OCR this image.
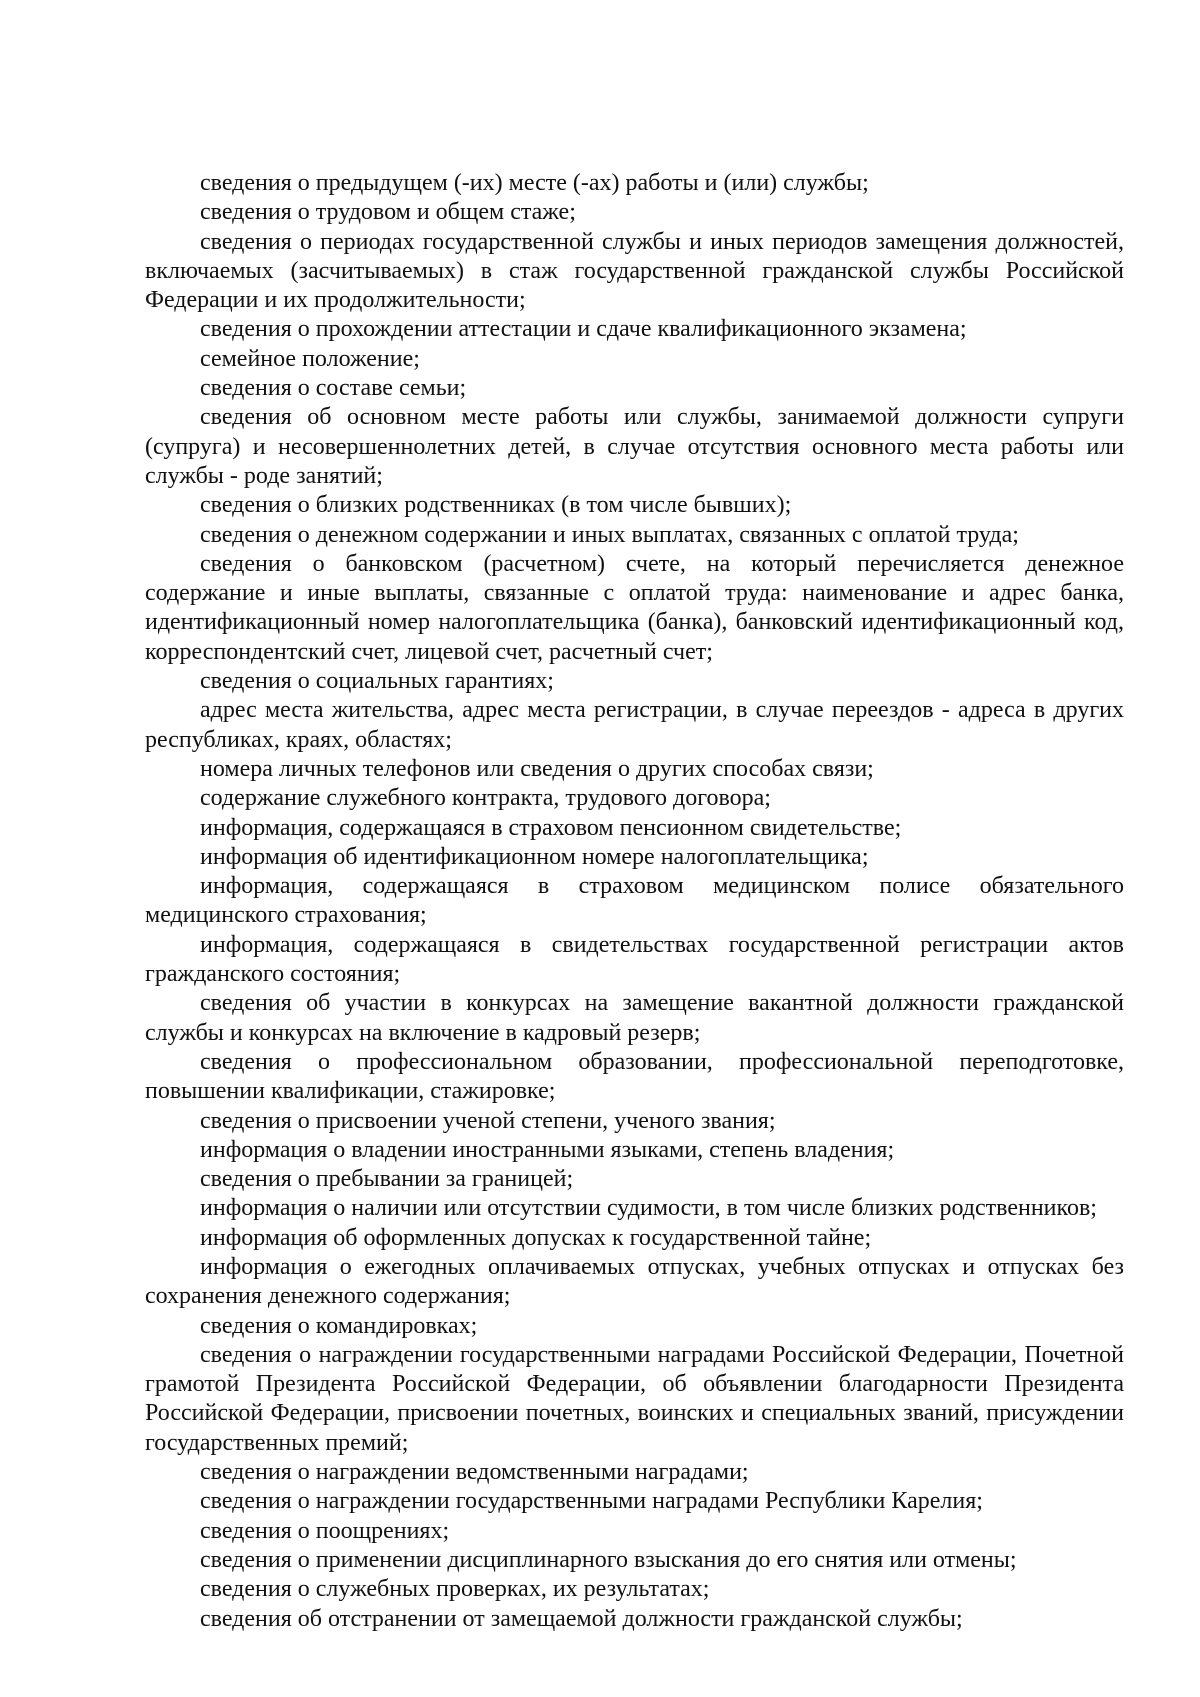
сведения о предыдущем (-их) месте (-ах) работы и (или) службы;

сведения о трудовом и общем стаже;

сведения о периодах государственной службы и иных периодов замещения должностей, включаемых (засчитываемых) в стаж государственной гражданской службы Российской Федерации и их продолжительности;

сведения о прохождении аттестации и сдаче квалификационного экзамена;

семейное положение;

сведения о составе семьи;

сведения об основном месте работы или службы, занимаемой должности супруги (супруга) и несовершеннолетних детей, в случае отсутствия основного места работы или службы - роде занятий;

сведения о близких родственниках (в том числе бывших);

сведения о денежном содержании и иных выплатах, связанных с оплатой труда;

сведения о банковском (расчетном) счете, на который перечисляется денежное содержание и иные выплаты, связанные с оплатой труда: наименование и адрес банка, идентификационный номер налогоплательщика (банка), банковский идентификационный код, корреспондентский счет, лицевой счет, расчетный счет;

сведения о социальных гарантиях;

адрес места жительства, адрес места регистрации, в случае переездов - адреса в других республиках, краях, областях;

номера личных телефонов или сведения о других способах связи;

содержание служебного контракта, трудового договора;

информация, содержащаяся в страховом пенсионном свидетельстве;

информация об идентификационном номере налогоплательщика;

информация, содержащаяся в страховом медицинском полисе обязательного медицинского страхования;

информация, содержащаяся в свидетельствах государственной регистрации актов гражданского состояния;

сведения об участии в конкурсах на замещение вакантной должности гражданской службы и конкурсах на включение в кадровый резерв;

сведения о профессиональном образовании, профессиональной переподготовке, повышении квалификации, стажировке;

сведения о присвоении ученой степени, ученого звания;

информация о владении иностранными языками, степень владения;

сведения о пребывании за границей;

информация о наличии или отсутствии судимости, в том числе близких родственников;

информация об оформленных допусках к государственной тайне;

информация о ежегодных оплачиваемых отпусках, учебных отпусках и отпусках без сохранения денежного содержания;

сведения о командировках;

сведения о награждении государственными наградами Российской Федерации, Почетной грамотой Президента Российской Федерации, об объявлении благодарности Президента Российской Федерации, присвоении почетных, воинских и специальных званий, присуждении государственных премий;

сведения о награждении ведомственными наградами;

сведения о награждении государственными наградами Республики Карелия;

сведения о поощрениях;

сведения о применении дисциплинарного взыскания до его снятия или отмены;

сведения о служебных проверках, их результатах;

сведения об отстранении от замещаемой должности гражданской службы;
